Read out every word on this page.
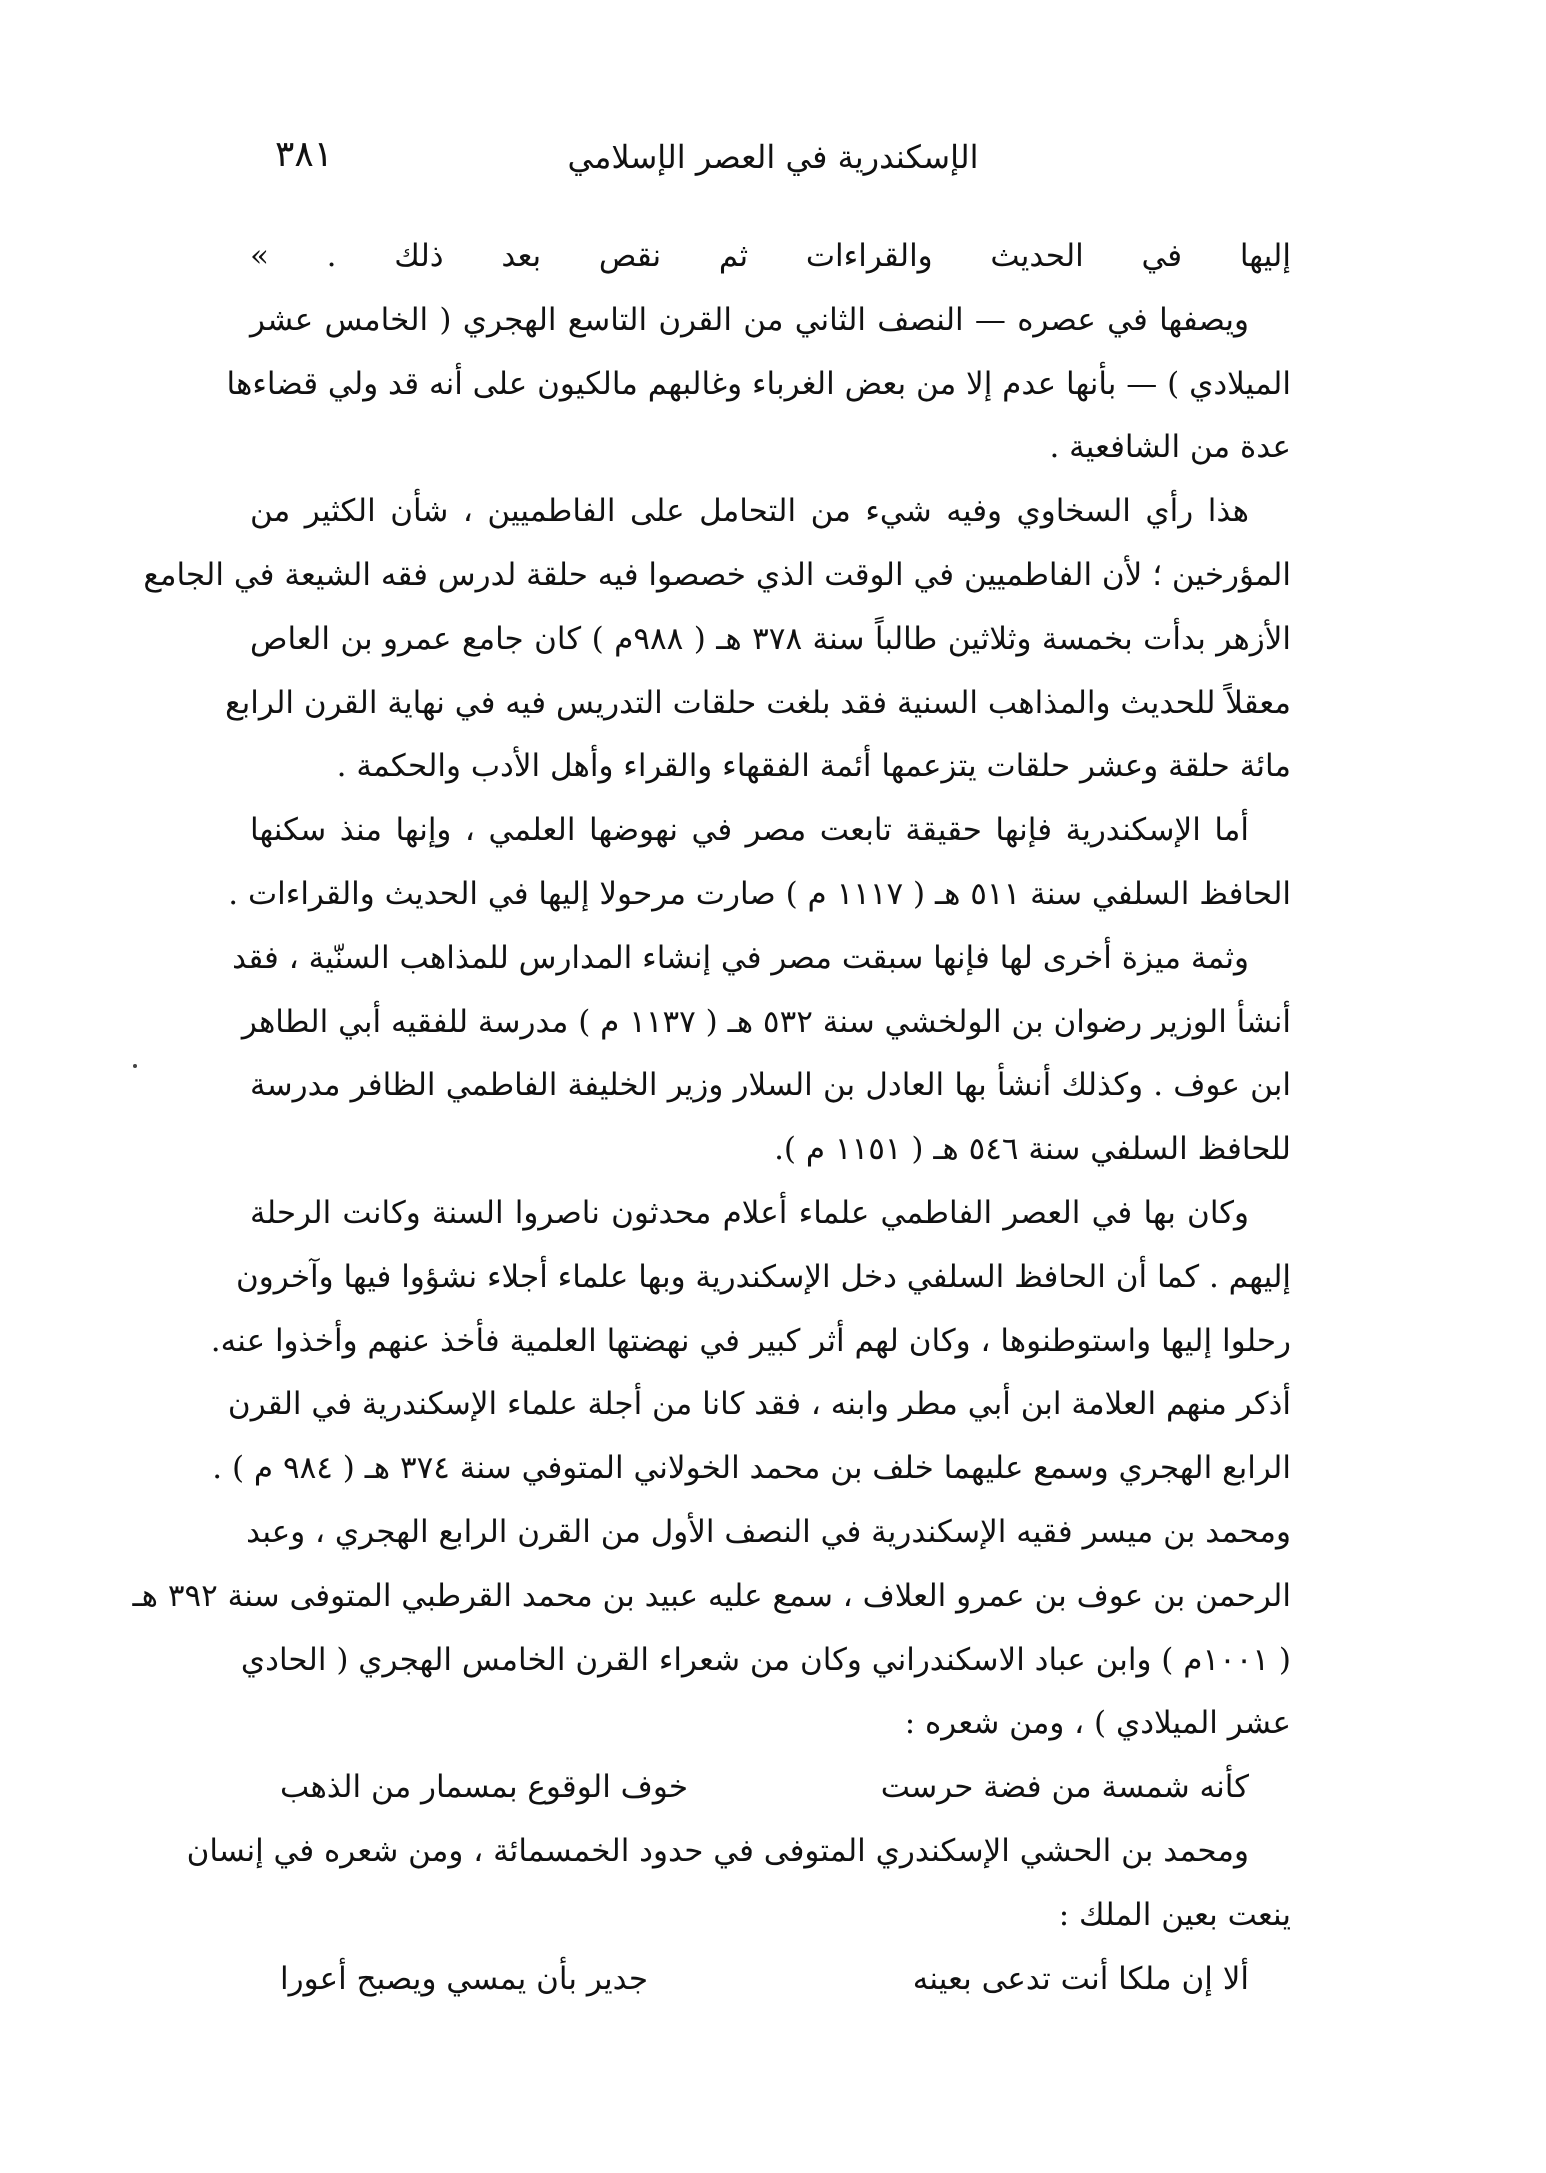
الإسكندرية في العصر الإسلامي
٣٨١
إليها في الحديث والقراءات ثم نقص بعد ذلك . »
ويصفها في عصره — النصف الثاني من القرن التاسع الهجري ( الخامس عشر
الميلادي ) — بأنها عدم إلا من بعض الغرباء وغالبهم مالكيون على أنه قد ولي قضاءها
عدة من الشافعية .
هذا رأي السخاوي وفيه شيء من التحامل على الفاطميين ، شأن الكثير من
المؤرخين ؛ لأن الفاطميين في الوقت الذي خصصوا فيه حلقة لدرس فقه الشيعة في الجامع
الأزهر بدأت بخمسة وثلاثين طالباً سنة ٣٧٨ هـ ( ٩٨٨م ) كان جامع عمرو بن العاص
معقلاً للحديث والمذاهب السنية فقد بلغت حلقات التدريس فيه في نهاية القرن الرابع
مائة حلقة وعشر حلقات يتزعمها أئمة الفقهاء والقراء وأهل الأدب والحكمة .
أما الإسكندرية فإنها حقيقة تابعت مصر في نهوضها العلمي ، وإنها منذ سكنها
الحافظ السلفي سنة ٥١١ هـ ( ١١١٧ م ) صارت مرحولا إليها في الحديث والقراءات .
وثمة ميزة أخرى لها فإنها سبقت مصر في إنشاء المدارس للمذاهب السنّية ، فقد
أنشأ الوزير رضوان بن الولخشي سنة ٥٣٢ هـ ( ١١٣٧ م ) مدرسة للفقيه أبي الطاهر
ابن عوف . وكذلك أنشأ بها العادل بن السلار وزير الخليفة الفاطمي الظافر مدرسة
للحافظ السلفي سنة ٥٤٦ هـ ( ١١٥١ م ).
وكان بها في العصر الفاطمي علماء أعلام محدثون ناصروا السنة وكانت الرحلة
إليهم . كما أن الحافظ السلفي دخل الإسكندرية وبها علماء أجلاء نشؤوا فيها وآخرون
رحلوا إليها واستوطنوها ، وكان لهم أثر كبير في نهضتها العلمية فأخذ عنهم وأخذوا عنه.
أذكر منهم العلامة ابن أبي مطر وابنه ، فقد كانا من أجلة علماء الإسكندرية في القرن
الرابع الهجري وسمع عليهما خلف بن محمد الخولاني المتوفي سنة ٣٧٤ هـ ( ٩٨٤ م ) .
ومحمد بن ميسر فقيه الإسكندرية في النصف الأول من القرن الرابع الهجري ، وعبد
الرحمن بن عوف بن عمرو العلاف ، سمع عليه عبيد بن محمد القرطبي المتوفى سنة ٣٩٢ هـ
( ١٠٠١م ) وابن عباد الاسكندراني وكان من شعراء القرن الخامس الهجري ( الحادي
عشر الميلادي ) ، ومن شعره :
كأنه شمسة من فضة حرست
خوف الوقوع بمسمار من الذهب
ومحمد بن الحشي الإسكندري المتوفى في حدود الخمسمائة ، ومن شعره في إنسان
ينعت بعين الملك :
ألا إن ملكا أنت تدعى بعينه
جدير بأن يمسي ويصبح أعورا
